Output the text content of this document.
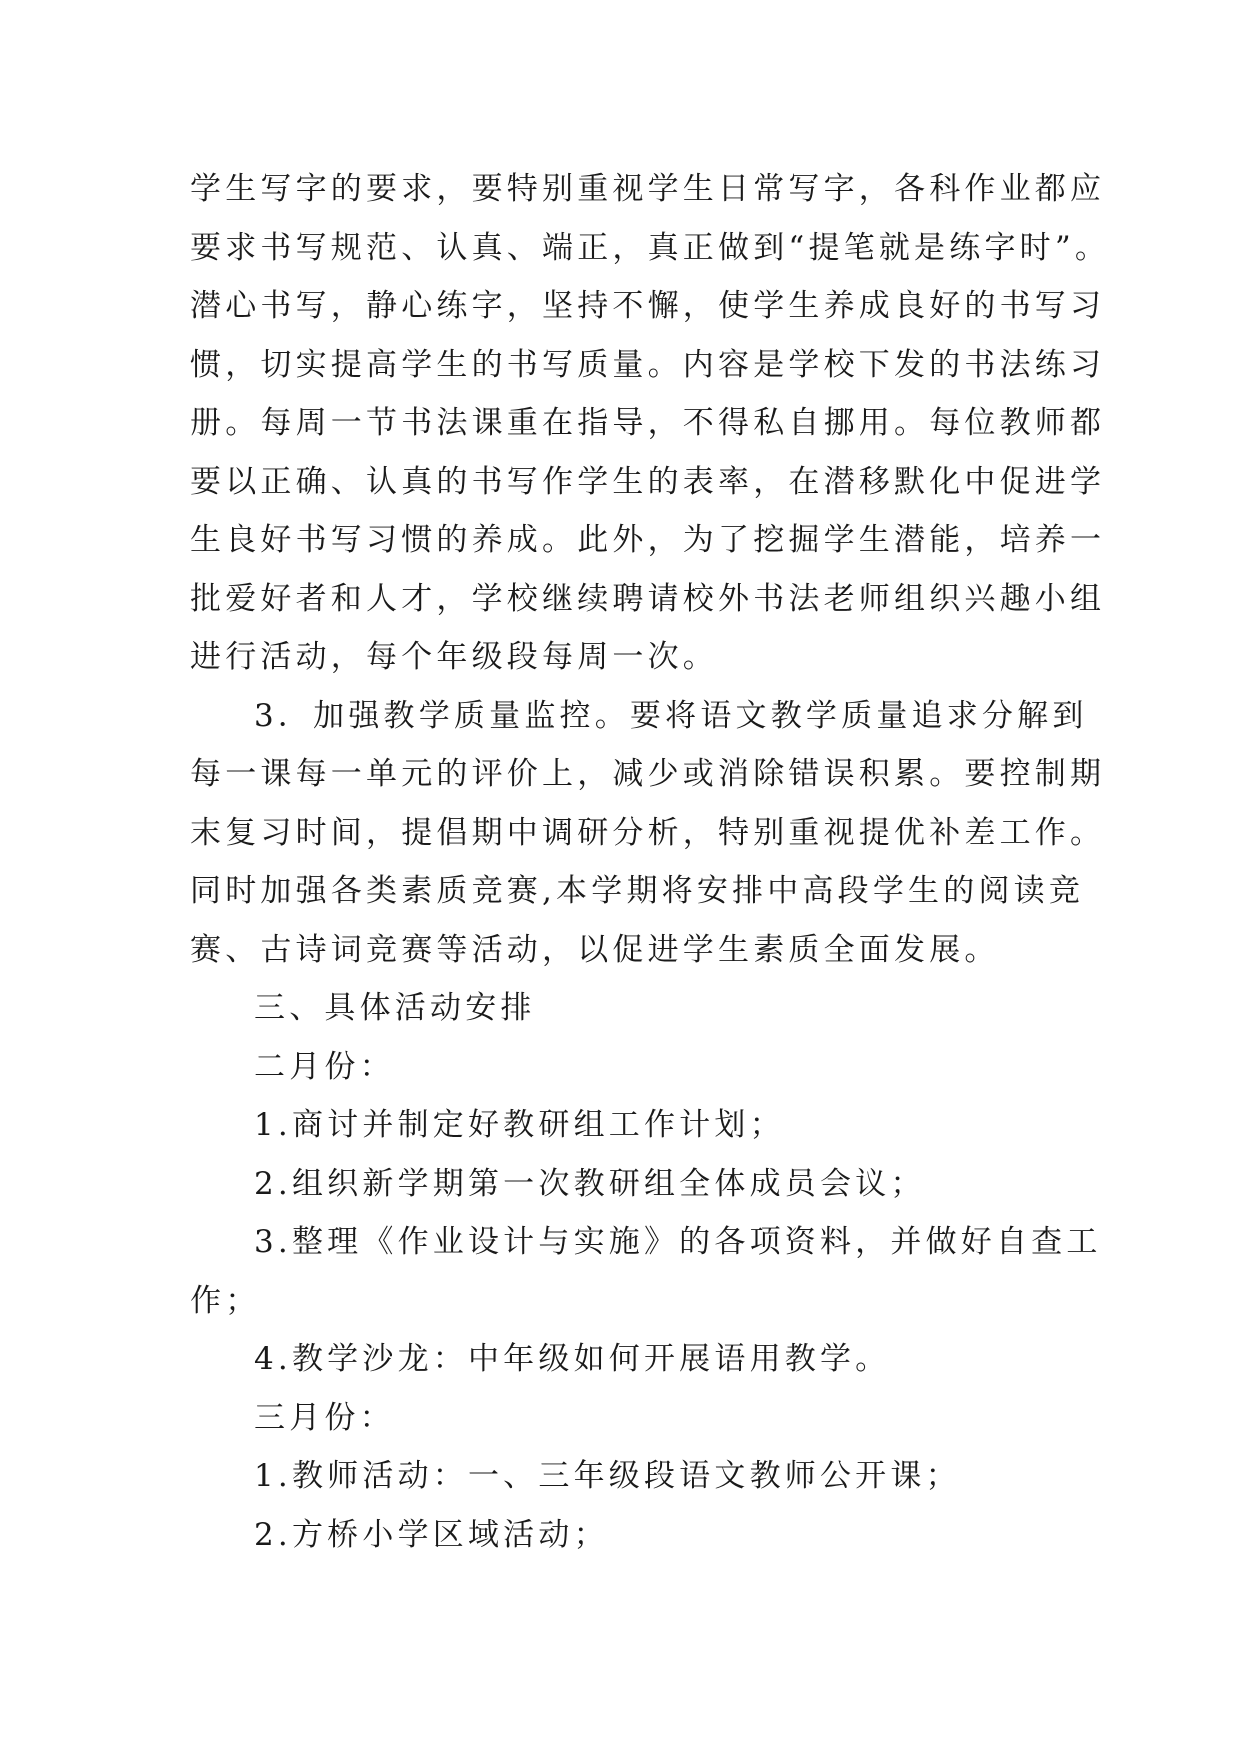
学生写字的要求，要特别重视学生日常写字，各科作业都应
要求书写规范、认真、端正，真正做到“提笔就是练字时”。
潜心书写，静心练字，坚持不懈，使学生养成良好的书写习
惯，切实提高学生的书写质量。内容是学校下发的书法练习
册。每周一节书法课重在指导，不得私自挪用。每位教师都
要以正确、认真的书写作学生的表率，在潜移默化中促进学
生良好书写习惯的养成。此外，为了挖掘学生潜能，培养一
批爱好者和人才，学校继续聘请校外书法老师组织兴趣小组
进行活动，每个年级段每周一次。
3．加强教学质量监控。要将语文教学质量追求分解到
每一课每一单元的评价上，减少或消除错误积累。要控制期
末复习时间，提倡期中调研分析，特别重视提优补差工作。
同时加强各类素质竞赛,本学期将安排中高段学生的阅读竞
赛、古诗词竞赛等活动，以促进学生素质全面发展。
三、具体活动安排
二月份：
1.商讨并制定好教研组工作计划；
2.组织新学期第一次教研组全体成员会议；
3.整理《作业设计与实施》的各项资料，并做好自查工
作；
4.教学沙龙：中年级如何开展语用教学。
三月份：
1.教师活动：一、三年级段语文教师公开课；
2.方桥小学区域活动；
